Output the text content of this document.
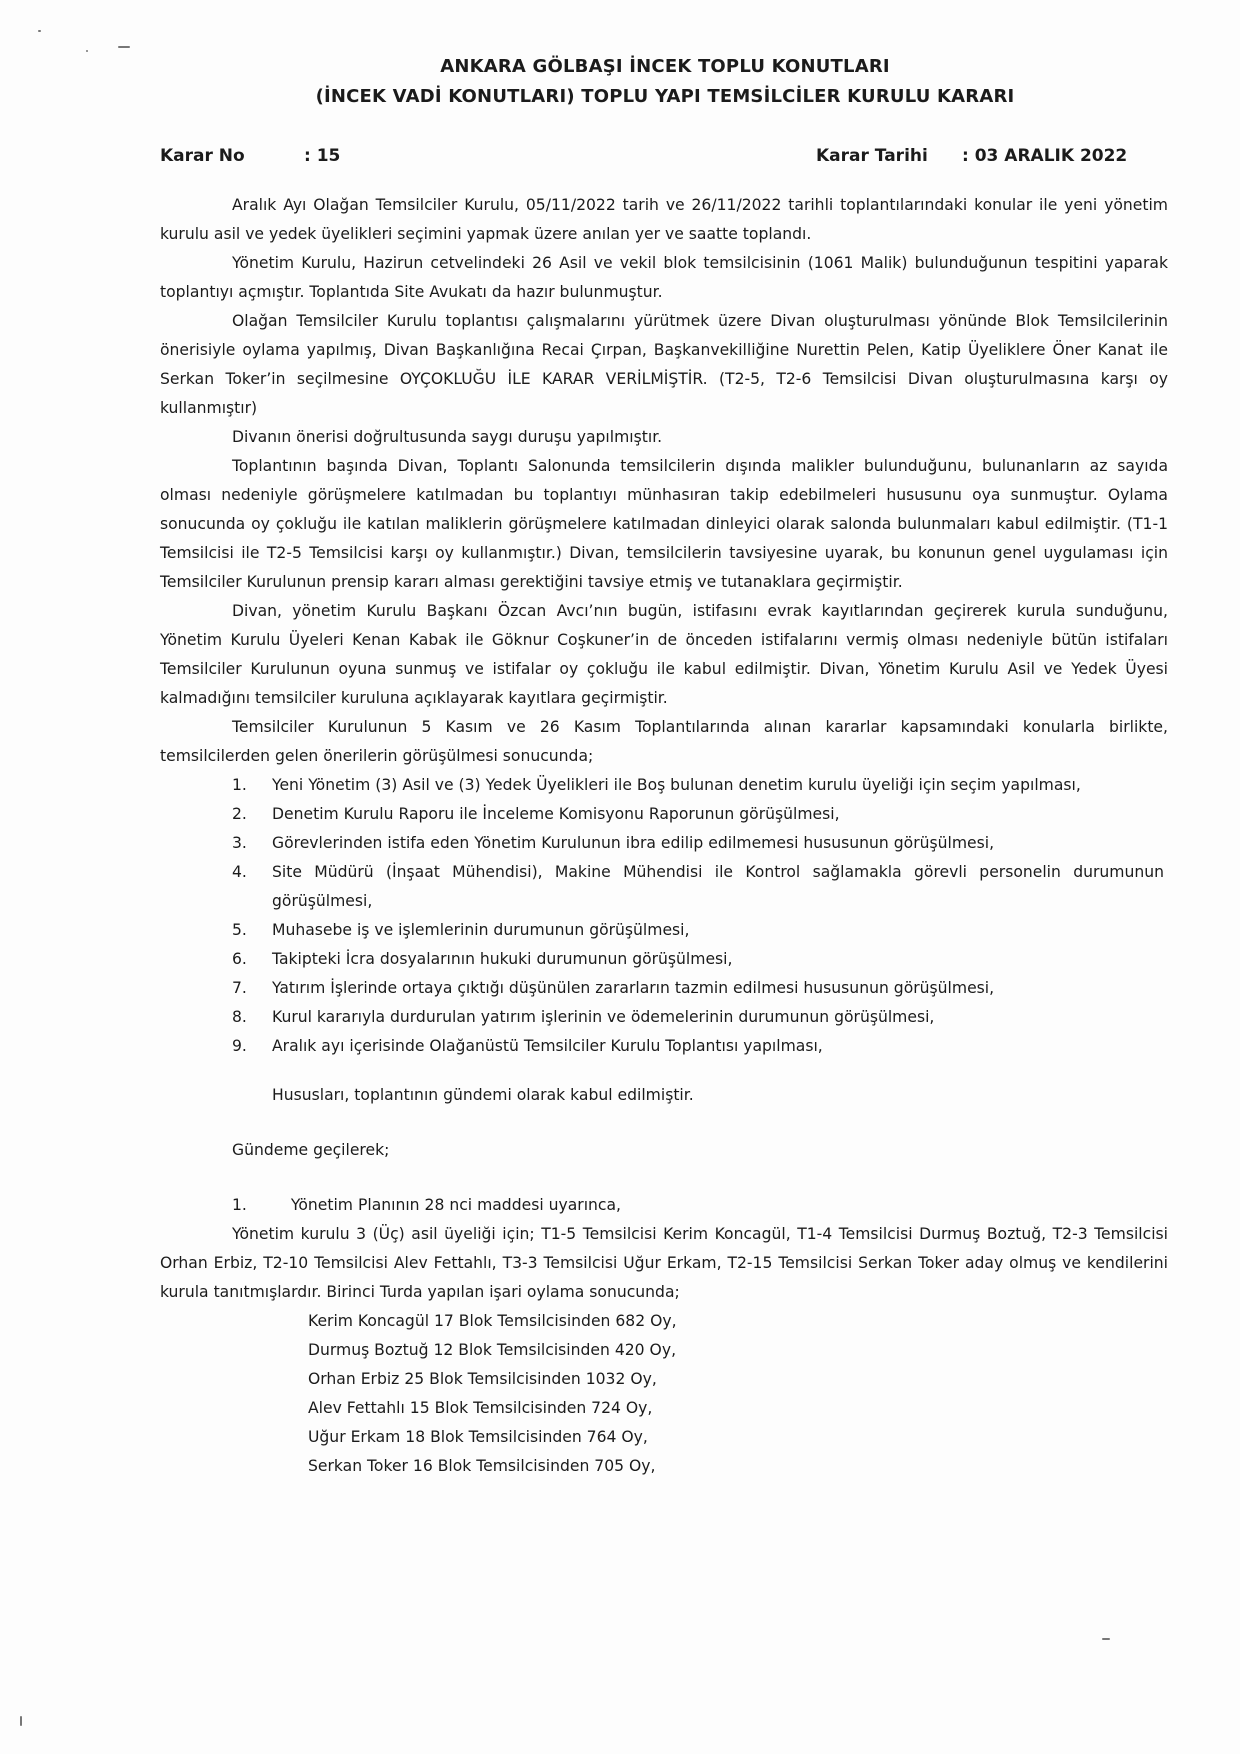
ANKARA GÖLBAŞI İNCEK TOPLU KONUTLARI
(İNCEK VADİ KONUTLARI) TOPLU YAPI TEMSİLCİLER KURULU KARARI
Karar No	: 15	Karar Tarihi : 03 ARALIK 2022

Aralık Ayı Olağan Temsilciler Kurulu, 05/11/2022 tarih ve 26/11/2022 tarihli toplantılarındaki konular ile yeni yönetim kurulu asil ve yedek üyelikleri seçimini yapmak üzere anılan yer ve saatte toplandı.

Yönetim Kurulu, Hazirun cetvelindeki 26 Asil ve vekil blok temsilcisinin (1061 Malik) bulunduğunun tespitini yaparak toplantıyı açmıştır. Toplantıda Site Avukatı da hazır bulunmuştur.

Olağan Temsilciler Kurulu toplantısı çalışmalarını yürütmek üzere Divan oluşturulması yönünde Blok Temsilcilerinin önerisiyle oylama yapılmış, Divan Başkanlığına Recai Çırpan, Başkanvekilliğine Nurettin Pelen, Katip Üyeliklere Öner Kanat ile Serkan Toker’in seçilmesine OYÇOKLUĞU İLE KARAR VERİLMİŞTİR. (T2-5, T2-6 Temsilcisi Divan oluşturulmasına karşı oy kullanmıştır)

Divanın önerisi doğrultusunda saygı duruşu yapılmıştır.

Toplantının başında Divan, Toplantı Salonunda temsilcilerin dışında malikler bulunduğunu, bulunanların az sayıda olması nedeniyle görüşmelere katılmadan bu toplantıyı münhasıran takip edebilmeleri hususunu oya sunmuştur. Oylama sonucunda oy çokluğu ile katılan maliklerin görüşmelere katılmadan dinleyici olarak salonda bulunmaları kabul edilmiştir. (T1-1 Temsilcisi ile T2-5 Temsilcisi karşı oy kullanmıştır.) Divan, temsilcilerin tavsiyesine uyarak, bu konunun genel uygulaması için Temsilciler Kurulunun prensip kararı alması gerektiğini tavsiye etmiş ve tutanaklara geçirmiştir.

Divan, yönetim Kurulu Başkanı Özcan Avcı’nın bugün, istifasını evrak kayıtlarından geçirerek kurula sunduğunu, Yönetim Kurulu Üyeleri Kenan Kabak ile Göknur Coşkuner’in de önceden istifalarını vermiş olması nedeniyle bütün istifaları Temsilciler Kurulunun oyuna sunmuş ve istifalar oy çokluğu ile kabul edilmiştir. Divan, Yönetim Kurulu Asil ve Yedek Üyesi kalmadığını temsilciler kuruluna açıklayarak kayıtlara geçirmiştir.

Temsilciler Kurulunun 5 Kasım ve 26 Kasım Toplantılarında alınan kararlar kapsamındaki konularla birlikte, temsilcilerden gelen önerilerin görüşülmesi sonucunda;

1. Yeni Yönetim (3) Asil ve (3) Yedek Üyelikleri ile Boş bulunan denetim kurulu üyeliği için seçim yapılması,
2. Denetim Kurulu Raporu ile İnceleme Komisyonu Raporunun görüşülmesi,
3. Görevlerinden istifa eden Yönetim Kurulunun ibra edilip edilmemesi hususunun görüşülmesi,
4. Site Müdürü (İnşaat Mühendisi), Makine Mühendisi ile Kontrol sağlamakla görevli personelin durumunun görüşülmesi,
5. Muhasebe iş ve işlemlerinin durumunun görüşülmesi,
6. Takipteki İcra dosyalarının hukuki durumunun görüşülmesi,
7. Yatırım İşlerinde ortaya çıktığı düşünülen zararların tazmin edilmesi hususunun görüşülmesi,
8. Kurul kararıyla durdurulan yatırım işlerinin ve ödemelerinin durumunun görüşülmesi,
9. Aralık ayı içerisinde Olağanüstü Temsilciler Kurulu Toplantısı yapılması,

Hususları, toplantının gündemi olarak kabul edilmiştir.

Gündeme geçilerek;

1.	Yönetim Planının 28 nci maddesi uyarınca,

Yönetim kurulu 3 (Üç) asil üyeliği için; T1-5 Temsilcisi Kerim Koncagül, T1-4 Temsilcisi Durmuş Boztuğ, T2-3 Temsilcisi Orhan Erbiz, T2-10 Temsilcisi Alev Fettahlı, T3-3 Temsilcisi Uğur Erkam, T2-15 Temsilcisi Serkan Toker aday olmuş ve kendilerini kurula tanıtmışlardır. Birinci Turda yapılan işari oylama sonucunda;

Kerim Koncagül 17 Blok Temsilcisinden 682 Oy,
Durmuş Boztuğ 12 Blok Temsilcisinden 420 Oy,
Orhan Erbiz 25 Blok Temsilcisinden 1032 Oy,
Alev Fettahlı 15 Blok Temsilcisinden 724 Oy,
Uğur Erkam 18 Blok Temsilcisinden 764 Oy,
Serkan Toker 16 Blok Temsilcisinden 705 Oy,
